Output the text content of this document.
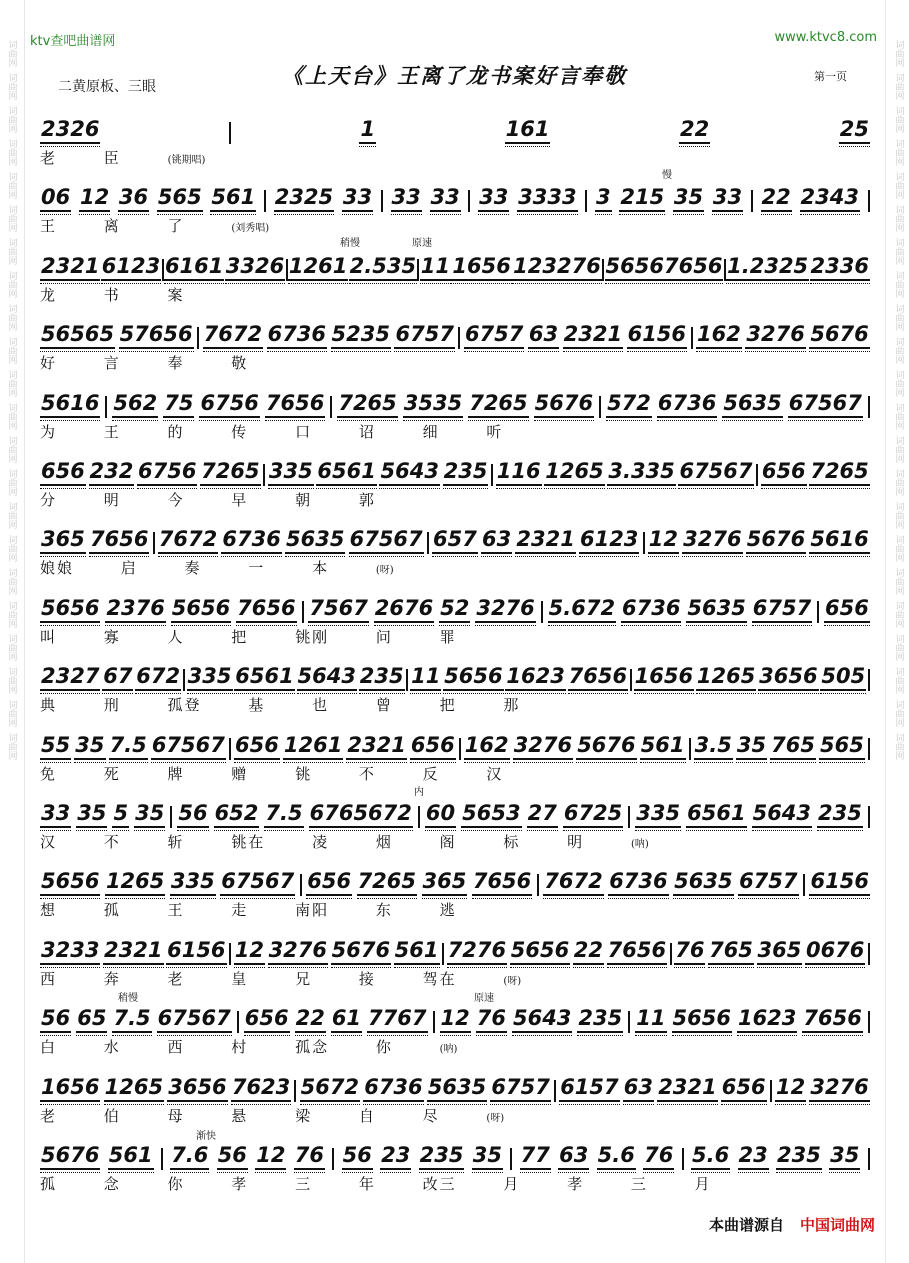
词曲网
词曲网
词曲网
词曲网
词曲网
词曲网
词曲网
词曲网
词曲网
词曲网
词曲网
词曲网
词曲网
词曲网
词曲网
词曲网
词曲网
词曲网
词曲网
词曲网
词曲网
词曲网
词曲网
词曲网
词曲网
词曲网
词曲网
词曲网
词曲网
词曲网
词曲网
词曲网
词曲网
词曲网
词曲网
词曲网
词曲网
词曲网
词曲网
词曲网
词曲网
词曲网
词曲网
词曲网
ktv查吧曲谱网	www.ktvc8.com
《上天台》王离了龙书案好言奉敬
二黄原板、三眼
第一页
慢
稍慢	原速
稍慢	原速
内
渐快
2326	1	161	22	25
老 臣	(铫期唱)
06 12 36 565 561 2325 33 33 33 33 3333 3 215 35 33 22 2343
王 离 了	(刘秀唱)
2321 6123 6161 3326 1261 2.535 11 1656 123276 56567656 1.2325 2336
龙 书 案
56565 57656 7672 6736 5235 6757 6757 63 2321 6156 162 3276 5676
好 言 奉 敬
5616 562 75 6756 7656 7265 3535 7265 5676 572 6736 5635 67567
为 王 的 传 口 诏 细 听
656 232 6756 7265 335 6561 5643 235 116 1265 3.335 67567 656 7265
分 明 今 早 朝 郭
365 7656 7672 6736 5635 67567 657 63 2321 6123 12 3276 5676 5616
娘娘 启 奏 一 本	(呀)
5656 2376 5656 7656 7567 2676 52 3276 5.672 6736 5635 6757 656
叫 寡 人 把 铫刚 问 罪
2327 67 672 335 6561 5643 235 11 5656 1623 7656 1656 1265 3656 505
典 刑 孤登 基 也 曾 把 那
55 35 7.5 67567 656 1261 2321 656 162 3276 5676 561 3.5 35 765 565
免 死 牌 赠 铫 不 反 汉
33 35 5 35 56 652 7.5 6765672 60 5653 27 6725 335 6561 5643 235
汉 不 斩 铫在 凌 烟 阁 标 明	(呐)
5656 1265 335 67567 656 7265 365 7656 7672 6736 5635 6757 6156
想 孤 王 走 南阳 东 逃
3233 2321 6156 12 3276 5676 561 7276 5656 22 7656 76 765 365 0676
西 奔 老 皇 兄 接 驾在	(呀)
56 65 7.5 67567 656 22 61 7767 12 76 5643 235 11 5656 1623 7656
白 水 西 村 孤念 你	(呐)
1656 1265 3656 7623 5672 6736 5635 6757 6157 63 2321 656 12 3276
老 伯 母 悬 梁 自 尽	(呀)
5676 561 7.6 56 12 76 56 23 235 35 77 63 5.6 76 5.6 23 235 35
孤 念 你 孝 三 年 改三 月 孝 三 月
本曲谱源自 中国词曲网
